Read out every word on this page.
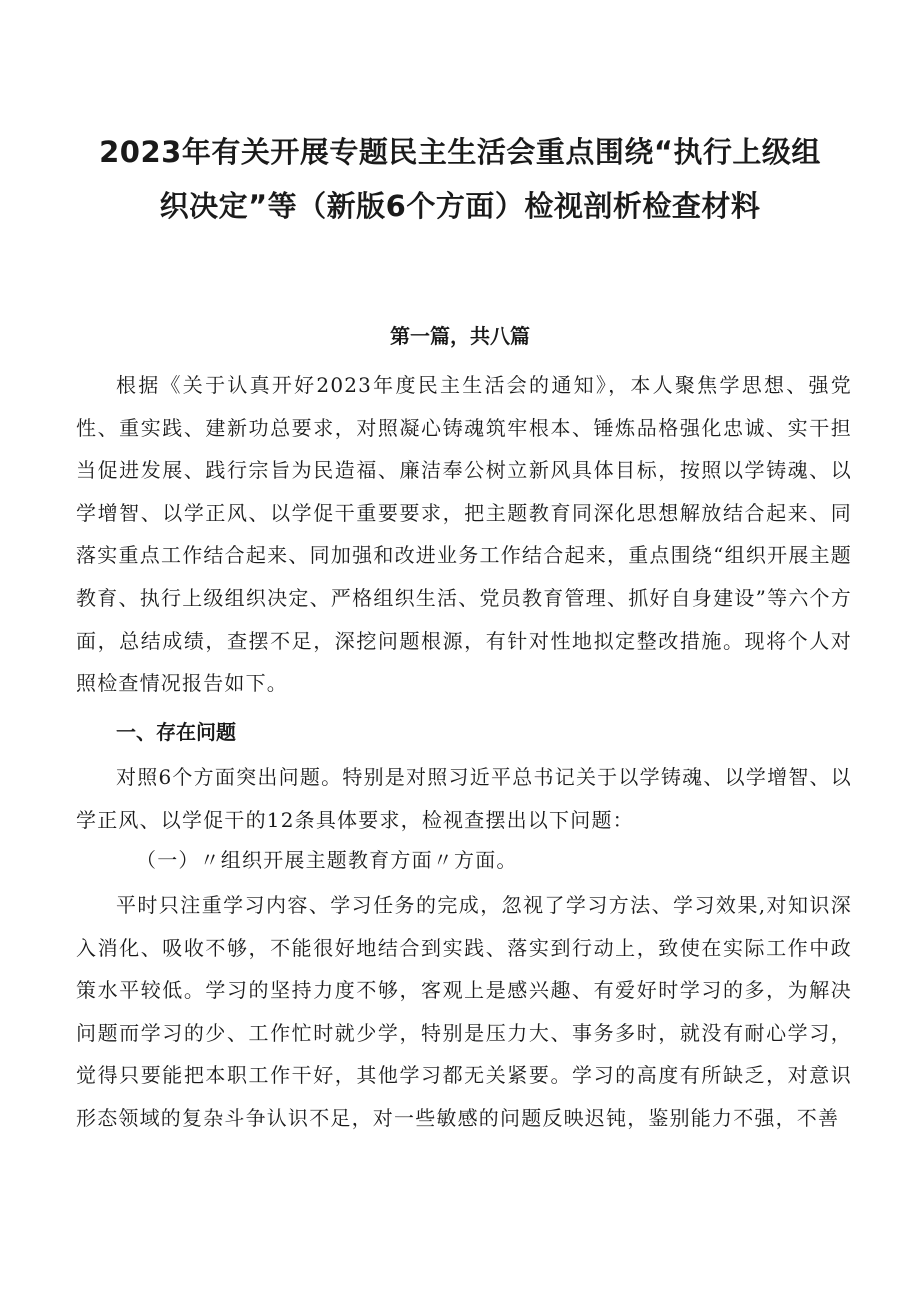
2023年有关开展专题民主生活会重点围绕“执行上级组
织决定”等（新版6个方面）检视剖析检查材料
第一篇，共八篇

根据《关于认真开好2023年度民主生活会的通知》，本人聚焦学思想、强党性、重实践、建新功总要求，对照凝心铸魂筑牢根本、锤炼品格强化忠诚、实干担当促进发展、践行宗旨为民造福、廉洁奉公树立新风具体目标，按照以学铸魂、以学增智、以学正风、以学促干重要要求，把主题教育同深化思想解放结合起来、同落实重点工作结合起来、同加强和改进业务工作结合起来，重点围绕“组织开展主题教育、执行上级组织决定、严格组织生活、党员教育管理、抓好自身建设”等六个方面，总结成绩，查摆不足，深挖问题根源，有针对性地拟定整改措施。现将个人对照检查情况报告如下。

一、存在问题

对照6个方面突出问题。特别是对照习近平总书记关于以学铸魂、以学增智、以学正风、以学促干的12条具体要求，检视查摆出以下问题：

（一）〃组织开展主题教育方面〃方面。

平时只注重学习内容、学习任务的完成，忽视了学习方法、学习效果,对知识深入消化、吸收不够，不能很好地结合到实践、落实到行动上，致使在实际工作中政策水平较低。学习的坚持力度不够，客观上是感兴趣、有爱好时学习的多，为解决问题而学习的少、工作忙时就少学，特别是压力大、事务多时，就没有耐心学习，觉得只要能把本职工作干好，其他学习都无关紧要。学习的高度有所缺乏，对意识形态领域的复杂斗争认识不足，对一些敏感的问题反映迟钝，鉴别能力不强，不善
